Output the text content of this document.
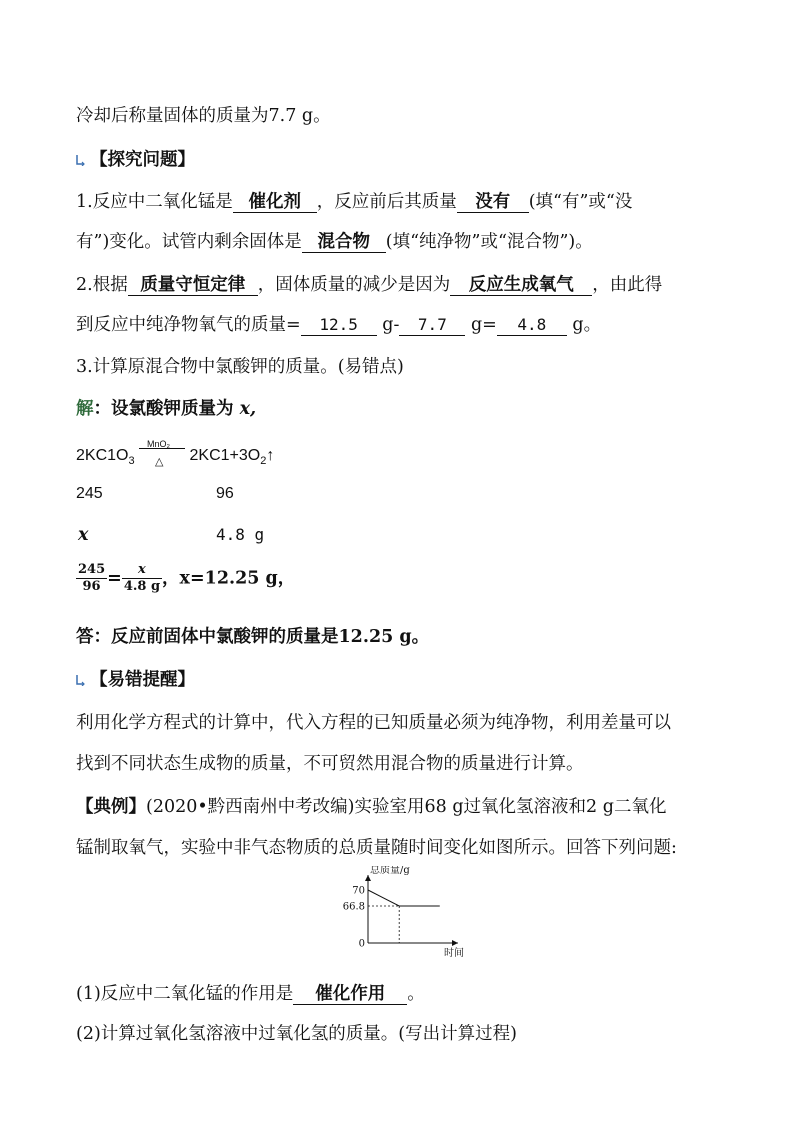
冷却后称量固体的质量为7.7 g。
【探究问题】
1.反应中二氧化锰是 催化剂 ，反应前后其质量 没有 (填“有”或“没
有”)变化。试管内剩余固体是 混合物 (填“纯净物”或“混合物”)。
2.根据 质量守恒定律 ，固体质量的减少是因为 反应生成氧气 ，由此得
到反应中纯净物氧气的质量= 12.5 g- 7.7 g= 4.8 g。
3.计算原混合物中氯酸钾的质量。(易错点)
解：设氯酸钾质量为 x,
$2KC1O_3$
MnO₂
△ $2KC1+3O_2↑$
245	96
x	4.8 g
$\frac{245}{96} = \frac{x}{4.8 g}$ ，x=12.25 g，
答：反应前固体中氯酸钾的质量是12.25 g。
【易错提醒】
利用化学方程式的计算中，代入方程的已知质量必须为纯净物，利用差量可以
找到不同状态生成物的质量，不可贸然用混合物的质量进行计算。
【典例】(2020•黔西南州中考改编)实验室用68 g过氧化氢溶液和2 g二氧化
锰制取氧气，实验中非气态物质的总质量随时间变化如图所示。回答下列问题:
总质量/g
时间
70
66.8
0
(1)反应中二氧化锰的作用是 催化作用 。
(2)计算过氧化氢溶液中过氧化氢的质量。(写出计算过程)
